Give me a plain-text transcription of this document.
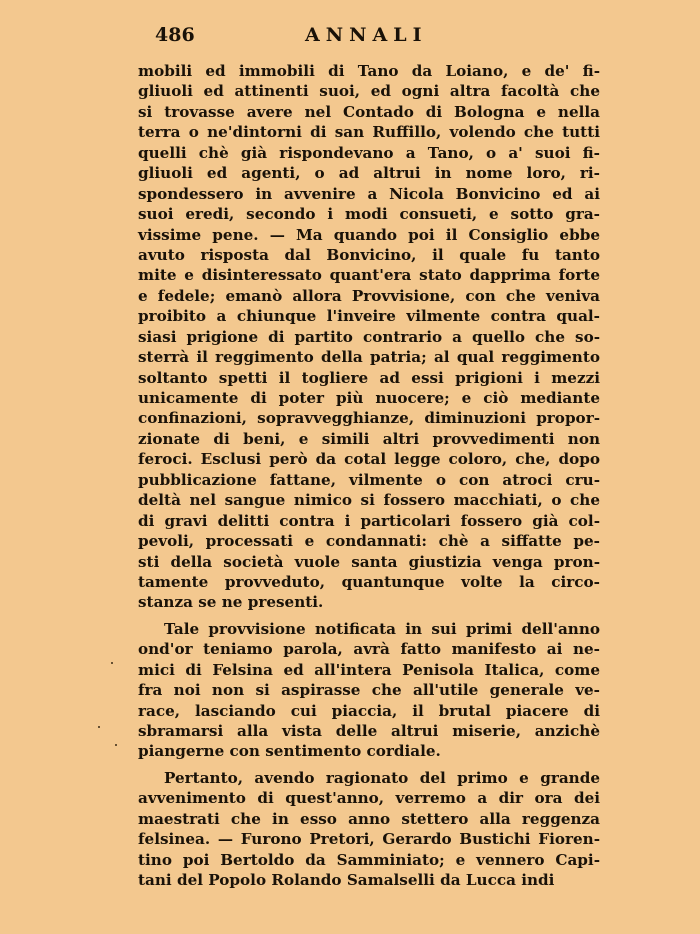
486	ANNALI
mobili ed immobili di Tano da Loiano, e de' fi-
gliuoli ed attinenti suoi, ed ogni altra facoltà che
si trovasse avere nel Contado di Bologna e nella
terra o ne'dintorni di san Ruffillo, volendo che tutti
quelli chè già rispondevano a Tano, o a' suoi fi-
gliuoli ed agenti, o ad altrui in nome loro, ri-
spondessero in avvenire a Nicola Bonvicino ed ai
suoi eredi, secondo i modi consueti, e sotto gra-
vissime pene. — Ma quando poi il Consiglio ebbe
avuto risposta dal Bonvicino, il quale fu tanto
mite e disinteressato quant'era stato dapprima forte
e fedele; emanò allora Provvisione, con che veniva
proibito a chiunque l'inveire vilmente contra qual-
siasi prigione di partito contrario a quello che so-
sterrà il reggimento della patria; al qual reggimento
soltanto spetti il togliere ad essi prigioni i mezzi
unicamente di poter più nuocere; e ciò mediante
confinazioni, sopravvegghianze, diminuzioni propor-
zionate di beni, e simili altri provvedimenti non
feroci. Esclusi però da cotal legge coloro, che, dopo
pubblicazione fattane, vilmente o con atroci cru-
deltà nel sangue nimico si fossero macchiati, o che
di gravi delitti contra i particolari fossero già col-
pevoli, processati e condannati: chè a siffatte pe-
sti della società vuole santa giustizia venga pron-
tamente provveduto, quantunque volte la circo-
stanza se ne presenti.
Tale provvisione notificata in sui primi dell'anno
ond'or teniamo parola, avrà fatto manifesto ai ne-
mici di Felsina ed all'intera Penisola Italica, come
fra noi non si aspirasse che all'utile generale ve-
race, lasciando cui piaccia, il brutal piacere di
sbramarsi alla vista delle altrui miserie, anzichè
piangerne con sentimento cordiale.
Pertanto, avendo ragionato del primo e grande
avvenimento di quest'anno, verremo a dir ora dei
maestrati che in esso anno stettero alla reggenza
felsinea. — Furono Pretori, Gerardo Bustichi Fioren-
tino poi Bertoldo da Samminiato; e vennero Capi-
tani del Popolo Rolando Samalselli da Lucca indi
